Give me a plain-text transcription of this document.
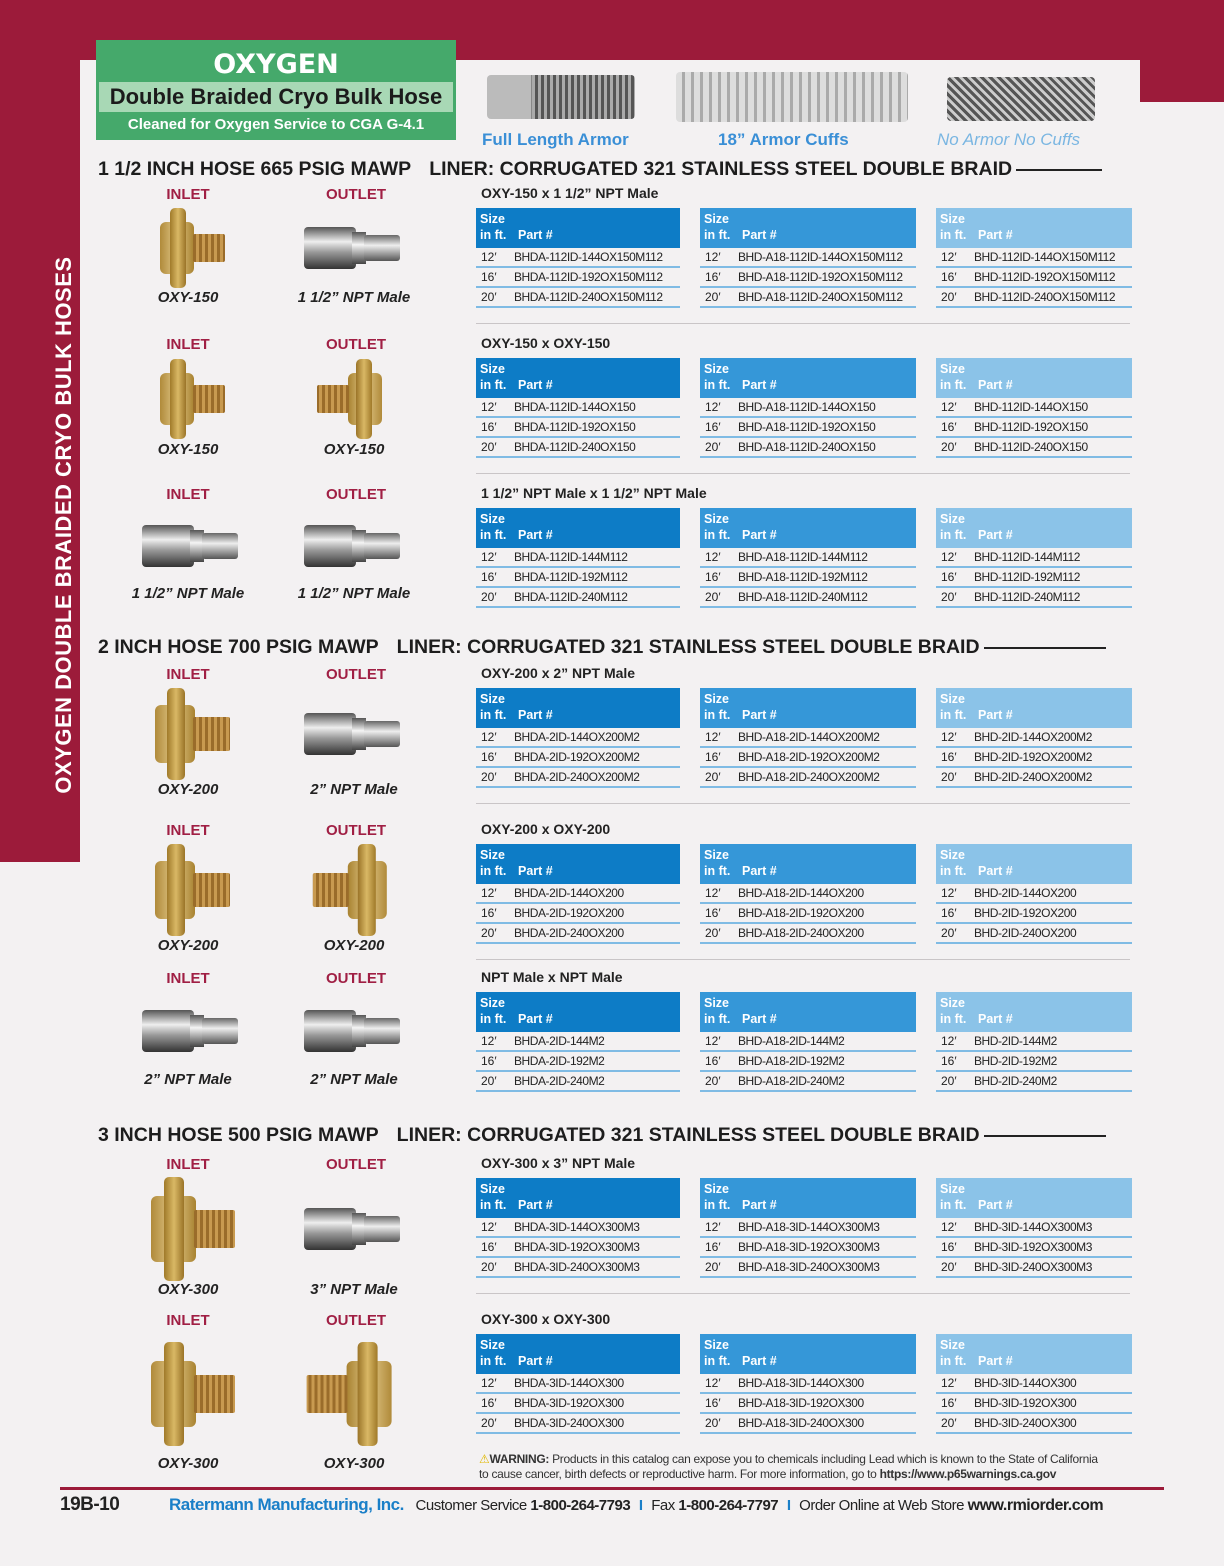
OXYGEN DOUBLE BRAIDED CRYO BULK HOSES
OXYGEN
Double Braided Cryo Bulk Hose
Cleaned for Oxygen Service to CGA G-4.1
Full Length Armor	18” Armor Cuffs	No Armor No Cuffs
1 1/2 INCH HOSE 665 PSIG MAWP LINER: CORRUGATED 321 STAINLESS STEEL DOUBLE BRAID
INLET	OUTLET
OXY-150	1 1/2” NPT Male
OXY-150 x 1 1/2” NPT Male
Size
in ft. Part #
12′ BHDA-112ID-144OX150M112
16′ BHDA-112ID-192OX150M112
20′ BHDA-112ID-240OX150M112
Size
in ft. Part #
12′ BHD-A18-112ID-144OX150M112
16′ BHD-A18-112ID-192OX150M112
20′ BHD-A18-112ID-240OX150M112
Size
in ft. Part #
12′ BHD-112ID-144OX150M112
16′ BHD-112ID-192OX150M112
20′ BHD-112ID-240OX150M112
INLET	OUTLET
OXY-150	OXY-150
OXY-150 x OXY-150
Size
in ft. Part #
12′ BHDA-112ID-144OX150
16′ BHDA-112ID-192OX150
20′ BHDA-112ID-240OX150
Size
in ft. Part #
12′ BHD-A18-112ID-144OX150
16′ BHD-A18-112ID-192OX150
20′ BHD-A18-112ID-240OX150
Size
in ft. Part #
12′ BHD-112ID-144OX150
16′ BHD-112ID-192OX150
20′ BHD-112ID-240OX150
INLET	OUTLET
1 1/2” NPT Male	1 1/2” NPT Male
1 1/2” NPT Male x 1 1/2” NPT Male
Size
in ft. Part #
12′ BHDA-112ID-144M112
16′ BHDA-112ID-192M112
20′ BHDA-112ID-240M112
Size
in ft. Part #
12′ BHD-A18-112ID-144M112
16′ BHD-A18-112ID-192M112
20′ BHD-A18-112ID-240M112
Size
in ft. Part #
12′ BHD-112ID-144M112
16′ BHD-112ID-192M112
20′ BHD-112ID-240M112
2 INCH HOSE 700 PSIG MAWP LINER: CORRUGATED 321 STAINLESS STEEL DOUBLE BRAID
INLET	OUTLET
OXY-200	2” NPT Male
OXY-200 x 2” NPT Male
Size
in ft. Part #
12′ BHDA-2ID-144OX200M2
16′ BHDA-2ID-192OX200M2
20′ BHDA-2ID-240OX200M2
Size
in ft. Part #
12′ BHD-A18-2ID-144OX200M2
16′ BHD-A18-2ID-192OX200M2
20′ BHD-A18-2ID-240OX200M2
Size
in ft. Part #
12′ BHD-2ID-144OX200M2
16′ BHD-2ID-192OX200M2
20′ BHD-2ID-240OX200M2
INLET	OUTLET
OXY-200	OXY-200
OXY-200 x OXY-200
Size
in ft. Part #
12′ BHDA-2ID-144OX200
16′ BHDA-2ID-192OX200
20′ BHDA-2ID-240OX200
Size
in ft. Part #
12′ BHD-A18-2ID-144OX200
16′ BHD-A18-2ID-192OX200
20′ BHD-A18-2ID-240OX200
Size
in ft. Part #
12′ BHD-2ID-144OX200
16′ BHD-2ID-192OX200
20′ BHD-2ID-240OX200
INLET	OUTLET
2” NPT Male	2” NPT Male
NPT Male x NPT Male
Size
in ft. Part #
12′ BHDA-2ID-144M2
16′ BHDA-2ID-192M2
20′ BHDA-2ID-240M2
Size
in ft. Part #
12′ BHD-A18-2ID-144M2
16′ BHD-A18-2ID-192M2
20′ BHD-A18-2ID-240M2
Size
in ft. Part #
12′ BHD-2ID-144M2
16′ BHD-2ID-192M2
20′ BHD-2ID-240M2
3 INCH HOSE 500 PSIG MAWP LINER: CORRUGATED 321 STAINLESS STEEL DOUBLE BRAID
INLET	OUTLET
OXY-300	3” NPT Male
OXY-300 x 3” NPT Male
Size
in ft. Part #
12′ BHDA-3ID-144OX300M3
16′ BHDA-3ID-192OX300M3
20′ BHDA-3ID-240OX300M3
Size
in ft. Part #
12′ BHD-A18-3ID-144OX300M3
16′ BHD-A18-3ID-192OX300M3
20′ BHD-A18-3ID-240OX300M3
Size
in ft. Part #
12′ BHD-3ID-144OX300M3
16′ BHD-3ID-192OX300M3
20′ BHD-3ID-240OX300M3
INLET	OUTLET
OXY-300	OXY-300
OXY-300 x OXY-300
Size
in ft. Part #
12′ BHDA-3ID-144OX300
16′ BHDA-3ID-192OX300
20′ BHDA-3ID-240OX300
Size
in ft. Part #
12′ BHD-A18-3ID-144OX300
16′ BHD-A18-3ID-192OX300
20′ BHD-A18-3ID-240OX300
Size
in ft. Part #
12′ BHD-3ID-144OX300
16′ BHD-3ID-192OX300
20′ BHD-3ID-240OX300
⚠WARNING: Products in this catalog can expose you to chemicals including Lead which is known to the State of California
to cause cancer, birth defects or reproductive harm. For more information, go to https://www.p65warnings.ca.gov
19B-10	Ratermann Manufacturing, Inc. Customer Service 1-800-264-7793 I Fax 1-800-264-7797 I Order Online at Web Store www.rmiorder.com
